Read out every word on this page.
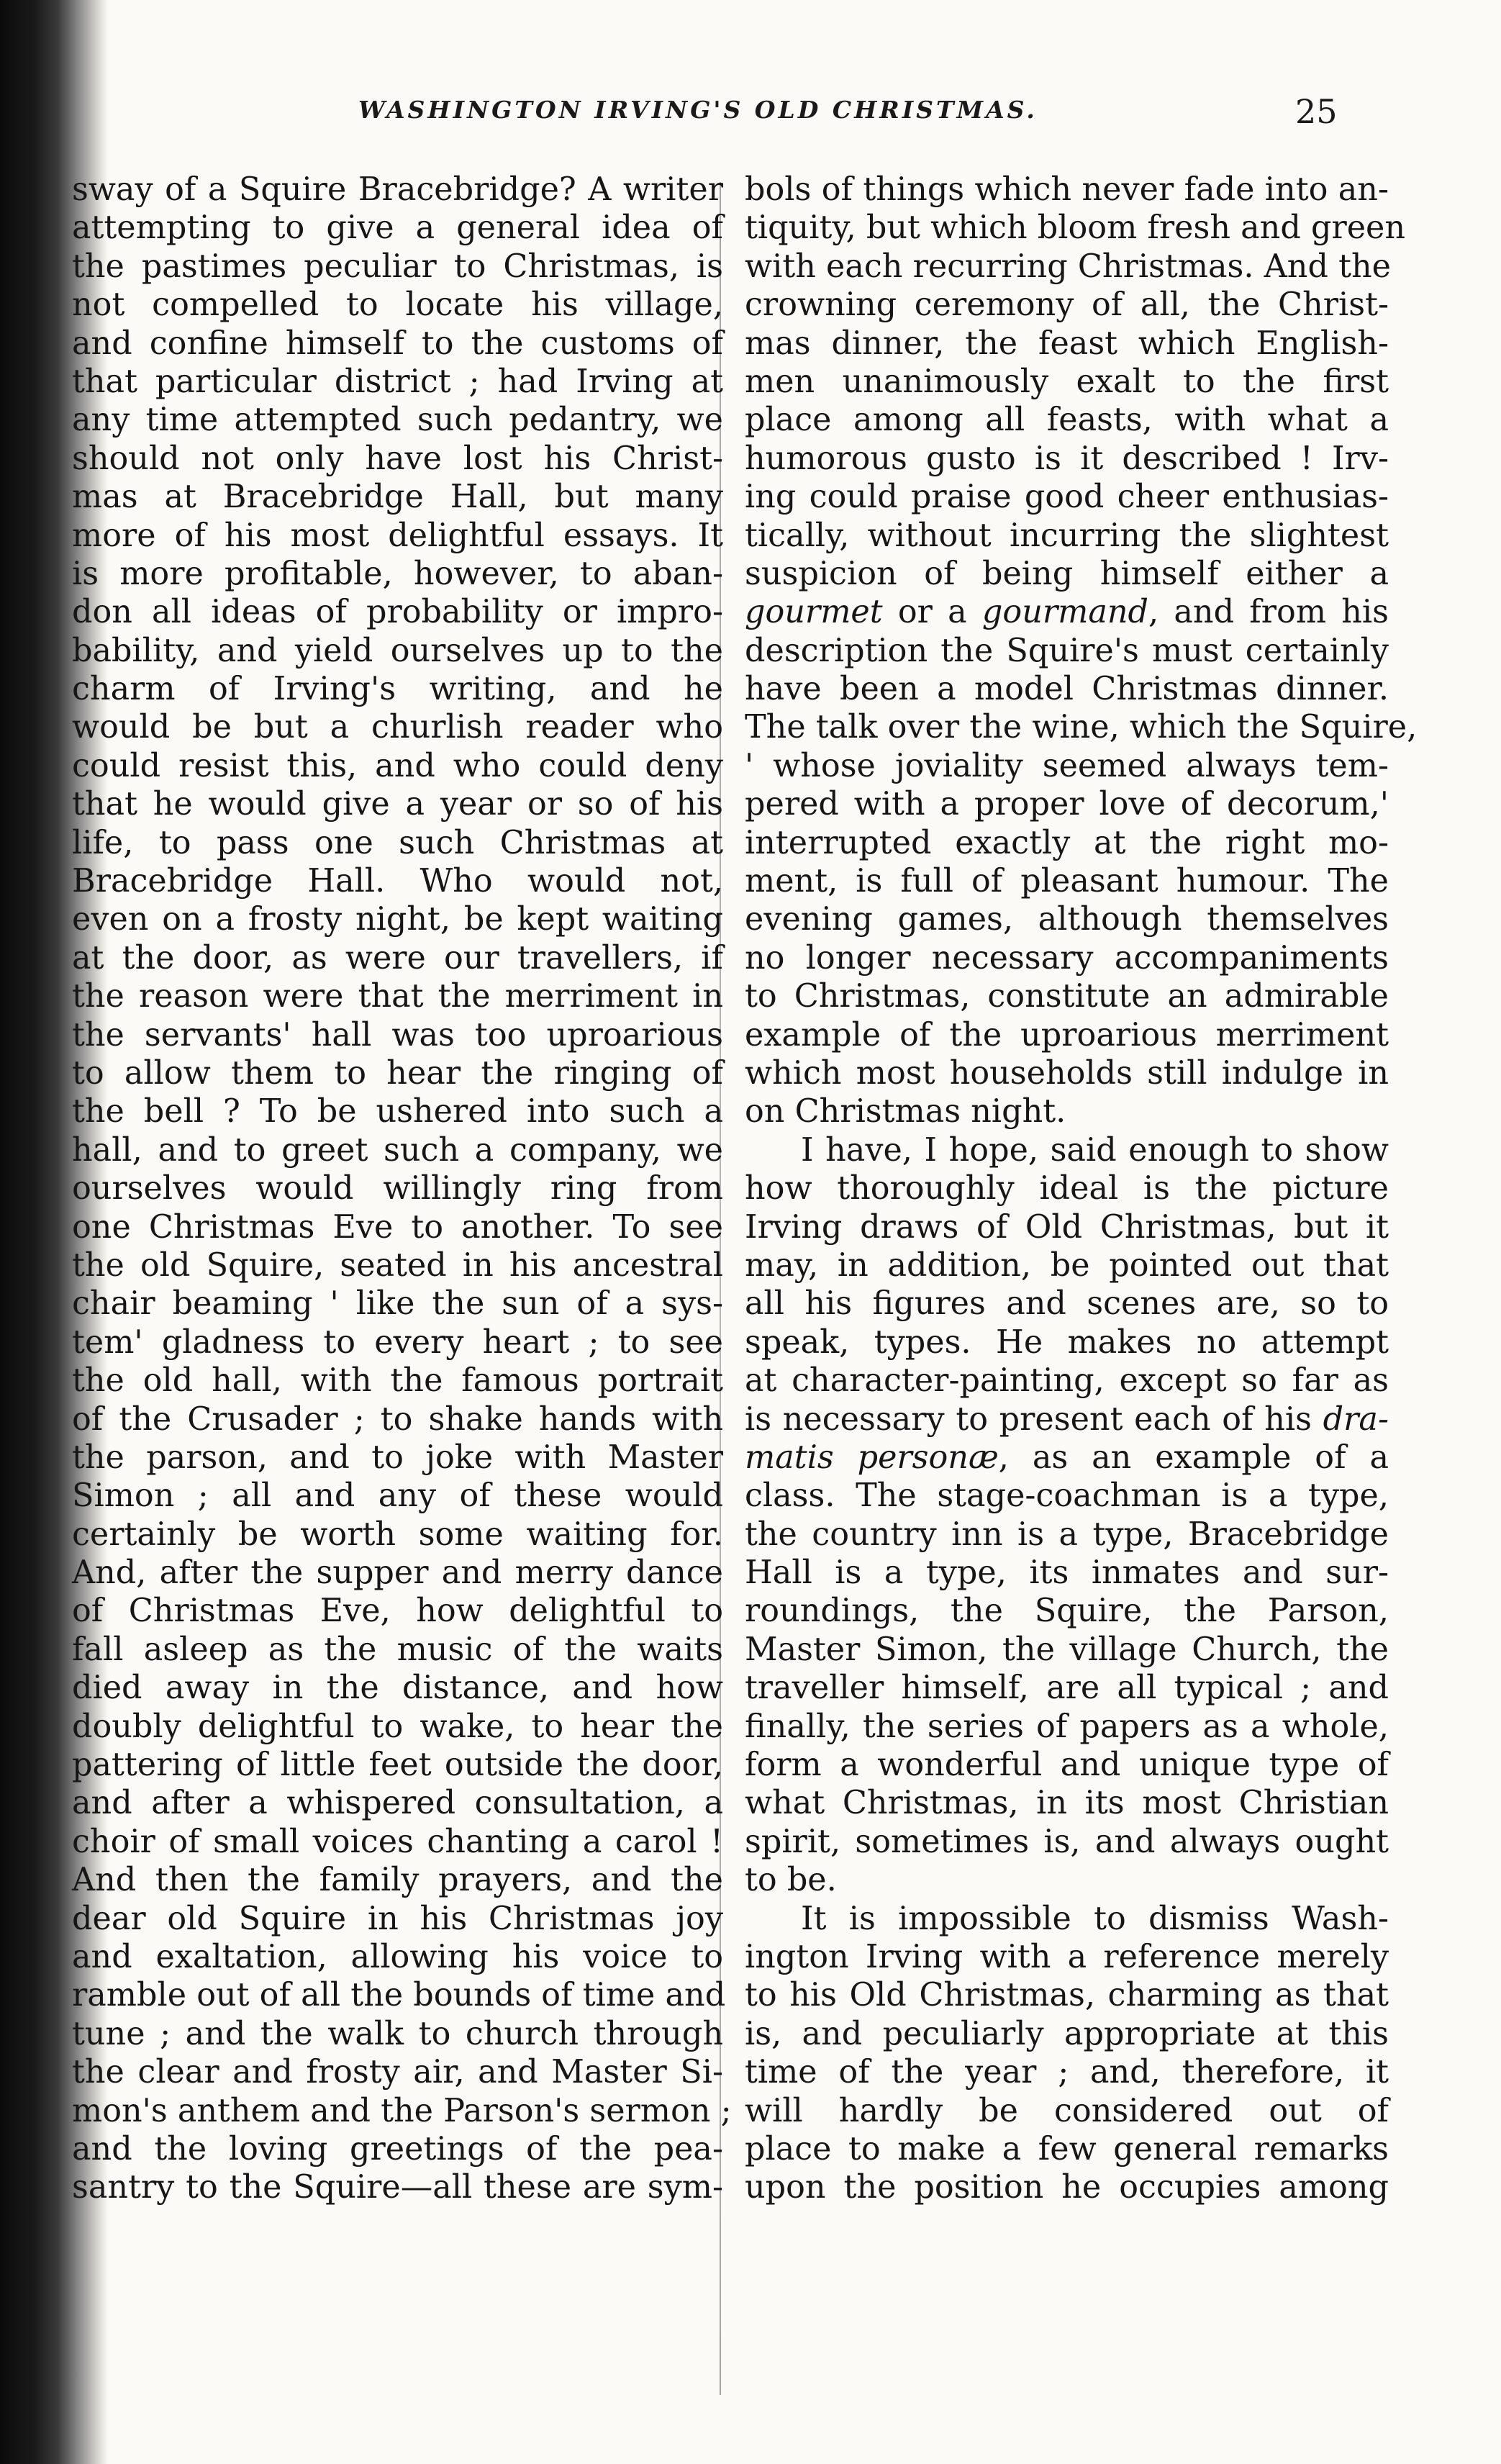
WASHINGTON IRVING'S OLD CHRISTMAS.	25
sway of a Squire Bracebridge? A writer
attempting to give a general idea of
the pastimes peculiar to Christmas, is
not compelled to locate his village,
and confine himself to the customs of
that particular district ; had Irving at
any time attempted such pedantry, we
should not only have lost his Christ-
mas at Bracebridge Hall, but many
more of his most delightful essays. It
is more profitable, however, to aban-
don all ideas of probability or impro-
bability, and yield ourselves up to the
charm of Irving's writing, and he
would be but a churlish reader who
could resist this, and who could deny
that he would give a year or so of his
life, to pass one such Christmas at
Bracebridge Hall. Who would not,
even on a frosty night, be kept waiting
at the door, as were our travellers, if
the reason were that the merriment in
the servants' hall was too uproarious
to allow them to hear the ringing of
the bell ? To be ushered into such a
hall, and to greet such a company, we
ourselves would willingly ring from
one Christmas Eve to another. To see
the old Squire, seated in his ancestral
chair beaming ' like the sun of a sys-
tem' gladness to every heart ; to see
the old hall, with the famous portrait
of the Crusader ; to shake hands with
the parson, and to joke with Master
Simon ; all and any of these would
certainly be worth some waiting for.
And, after the supper and merry dance
of Christmas Eve, how delightful to
fall asleep as the music of the waits
died away in the distance, and how
doubly delightful to wake, to hear the
pattering of little feet outside the door,
and after a whispered consultation, a
choir of small voices chanting a carol !
And then the family prayers, and the
dear old Squire in his Christmas joy
and exaltation, allowing his voice to
ramble out of all the bounds of time and
tune ; and the walk to church through
the clear and frosty air, and Master Si-
mon's anthem and the Parson's sermon ;
and the loving greetings of the pea-
santry to the Squire—all these are sym-
bols of things which never fade into an-
tiquity, but which bloom fresh and green
with each recurring Christmas. And the
crowning ceremony of all, the Christ-
mas dinner, the feast which English-
men unanimously exalt to the first
place among all feasts, with what a
humorous gusto is it described ! Irv-
ing could praise good cheer enthusias-
tically, without incurring the slightest
suspicion of being himself either a
gourmet or a gourmand, and from his
description the Squire's must certainly
have been a model Christmas dinner.
The talk over the wine, which the Squire,
' whose joviality seemed always tem-
pered with a proper love of decorum,'
interrupted exactly at the right mo-
ment, is full of pleasant humour. The
evening games, although themselves
no longer necessary accompaniments
to Christmas, constitute an admirable
example of the uproarious merriment
which most households still indulge in
on Christmas night.
I have, I hope, said enough to show
how thoroughly ideal is the picture
Irving draws of Old Christmas, but it
may, in addition, be pointed out that
all his figures and scenes are, so to
speak, types. He makes no attempt
at character-painting, except so far as
is necessary to present each of his dra-
matis personæ, as an example of a
class. The stage-coachman is a type,
the country inn is a type, Bracebridge
Hall is a type, its inmates and sur-
roundings, the Squire, the Parson,
Master Simon, the village Church, the
traveller himself, are all typical ; and
finally, the series of papers as a whole,
form a wonderful and unique type of
what Christmas, in its most Christian
spirit, sometimes is, and always ought
to be.
It is impossible to dismiss Wash-
ington Irving with a reference merely
to his Old Christmas, charming as that
is, and peculiarly appropriate at this
time of the year ; and, therefore, it
will hardly be considered out of
place to make a few general remarks
upon the position he occupies among
